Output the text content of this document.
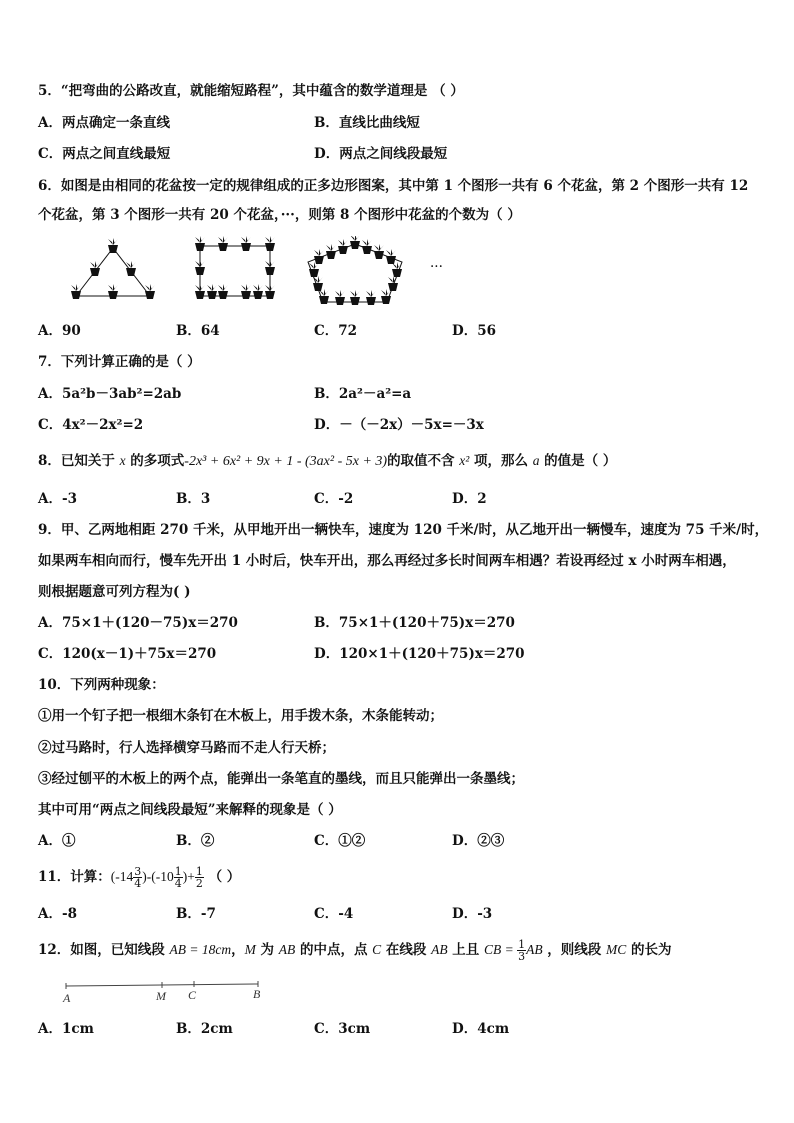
5．“把弯曲的公路改直，就能缩短路程”，其中蕴含的数学道理是 （ ）
A．两点确定一条直线	B．直线比曲线短
C．两点之间直线最短	D．两点之间线段最短
6．如图是由相同的花盆按一定的规律组成的正多边形图案，其中第 1 个图形一共有 6 个花盆，第 2 个图形一共有 12
个花盆，第 3 个图形一共有 20 个花盆，···，则第 8 个图形中花盆的个数为（ ）
···
A．90	B．64	C．72	D．56
7．下列计算正确的是（ ）
A．5a²b－3ab²=2ab	B．2a²－a²=a
C．4x²－2x²=2	D．－（－2x）－5x=－3x
8．已知关于 x 的多项式-2x³ + 6x² + 9x + 1 - (3ax² - 5x + 3)的取值不含 x² 项，那么 a 的值是（ ）
A．-3	B．3	C．-2	D．2
9．甲、乙两地相距 270 千米，从甲地开出一辆快车，速度为 120 千米/时，从乙地开出一辆慢车，速度为 75 千米/时，
如果两车相向而行，慢车先开出 1 小时后，快车开出，那么再经过多长时间两车相遇？若设再经过 x 小时两车相遇，
则根据题意可列方程为( )
A．75×1＋(120－75)x＝270	B．75×1＋(120＋75)x＝270
C．120(x－1)＋75x＝270	D．120×1＋(120＋75)x＝270
10．下列两种现象：
①用一个钉子把一根细木条钉在木板上，用手拨木条，木条能转动；
②过马路时，行人选择横穿马路而不走人行天桥；
③经过刨平的木板上的两个点，能弹出一条笔直的墨线，而且只能弹出一条墨线；
其中可用“两点之间线段最短”来解释的现象是（ ）
A．①	B．②	C．①②	D．②③
11．计算：$(-14 \frac{3}{4} )-(-10 \frac{1}{4}$ )+ $\frac{1}{2}$ （ ）
A．-8	B．-7	C．-4	D．-3
12．如图，已知线段 AB = 18cm，M 为 AB 的中点，点 C 在线段 AB 上且 CB = $\frac{1}{3}$ AB ，则线段 MC 的长为
A	M C	B
A．1cm	B．2cm	C．3cm	D．4cm
